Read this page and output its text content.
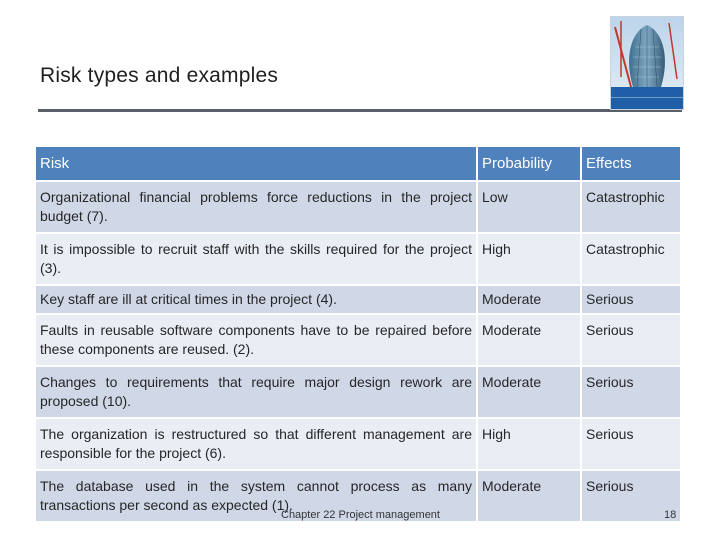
Risk types and examples
Risk	Probability	Effects
Organizational financial problems force reductions in the project budget (7).	Low	Catastrophic
It is impossible to recruit staff with the skills required for the project (3).	High	Catastrophic
Key staff are ill at critical times in the project (4).	Moderate	Serious
Faults in reusable software components have to be repaired before these components are reused. (2).	Moderate	Serious
Changes to requirements that require major design rework are proposed (10).	Moderate	Serious
The organization is restructured so that different management are responsible for the project (6).	High	Serious
The database used in the system cannot process as many transactions per second as expected (1).	Moderate	Serious
Chapter 22 Project management	18
